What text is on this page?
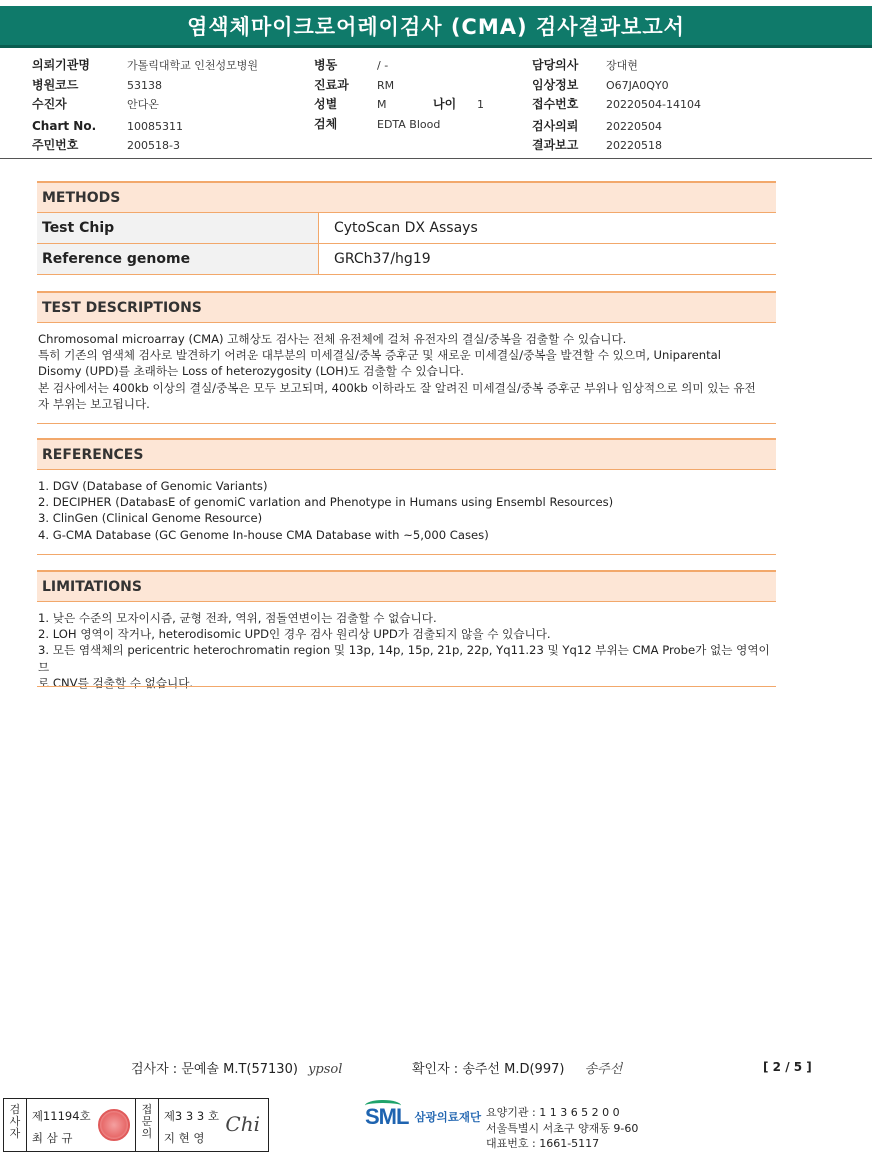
염색체마이크로어레이검사 (CMA) 검사결과보고서
의뢰기관명	가톨릭대학교 인천성모병원
병원코드	53138
수진자	안다온
Chart No.	10085311
주민번호	200518-3
병동	/ -
진료과	RM
성별	M	나이	1
검체	EDTA Blood
담당의사	장대현
임상정보	O67JA0QY0
접수번호	20220504-14104
검사의뢰	20220504
결과보고	20220518
METHODS
Test Chip	CytoScan DX Assays
Reference genome	GRCh37/hg19
TEST DESCRIPTIONS
Chromosomal microarray (CMA) 고해상도 검사는 전체 유전체에 걸쳐 유전자의 결실/중복을 검출할 수 있습니다.
특히 기존의 염색체 검사로 발견하기 어려운 대부분의 미세결실/중복 증후군 및 새로운 미세결실/중복을 발견할 수 있으며, Uniparental
Disomy (UPD)를 초래하는 Loss of heterozygosity (LOH)도 검출할 수 있습니다.
본 검사에서는 400kb 이상의 결실/중복은 모두 보고되며, 400kb 이하라도 잘 알려진 미세결실/중복 증후군 부위나 임상적으로 의미 있는 유전
자 부위는 보고됩니다.
REFERENCES
1. DGV (Database of Genomic Variants)
2. DECIPHER (DatabasE of genomiC varIation and Phenotype in Humans using Ensembl Resources)
3. ClinGen (Clinical Genome Resource)
4. G-CMA Database (GC Genome In-house CMA Database with ~5,000 Cases)
LIMITATIONS
1. 낮은 수준의 모자이시즘, 균형 전좌, 역위, 점돌연변이는 검출할 수 없습니다.
2. LOH 영역이 작거나, heterodisomic UPD인 경우 검사 원리상 UPD가 검출되지 않을 수 있습니다.
3. 모든 염색체의 pericentric heterochromatin region 및 13p, 14p, 15p, 21p, 22p, Yq11.23 및 Yq12 부위는 CMA Probe가 없는 영역이므
로 CNV를 검출할 수 없습니다.
검사자 : 문예솔 M.T(57130) ypsol	확인자 : 송주선 M.D(997) 송주선	[ 2 / 5 ]
검
사
자
제11194호
최 삼 규
접
문
의
제3 3 3 호
지 현 영
Chi	SML 삼광의료재단 요양기관 : 1 1 3 6 5 2 0 0
서울특별시 서초구 양재동 9-60
대표번호 : 1661-5117
